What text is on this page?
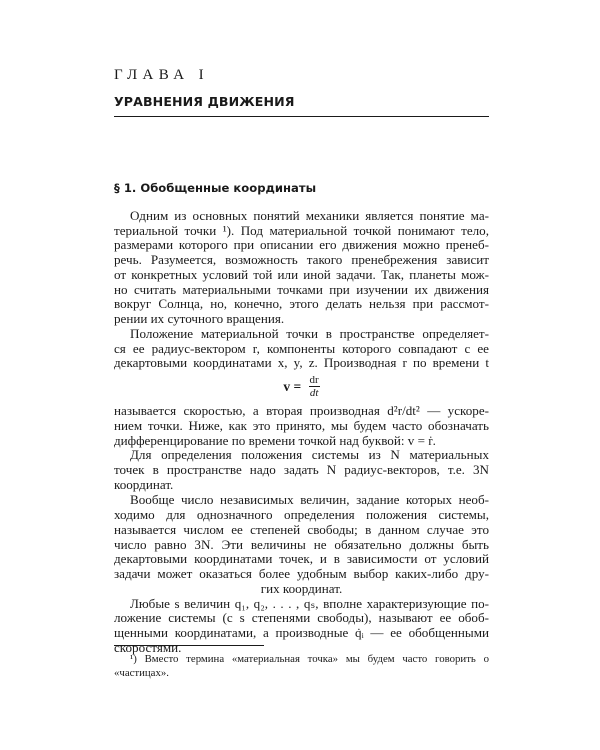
ГЛАВА I
УРАВНЕНИЯ ДВИЖЕНИЯ
§ 1. Обобщенные координаты
Одним из основных понятий механики является понятие ма-
териальной точки ¹). Под материальной точкой понимают тело,
размерами которого при описании его движения можно пренеб-
речь. Разумеется, возможность такого пренебрежения зависит
от конкретных условий той или иной задачи. Так, планеты мож-
но считать материальными точками при изучении их движения
вокруг Солнца, но, конечно, этого делать нельзя при рассмот-
рении их суточного вращения.
Положение материальной точки в пространстве определяет-
ся ее радиус-вектором r, компоненты которого совпадают с ее
декартовыми координатами x, y, z. Производная r по времени t
$v = \frac{dr}{dt}$
называется скоростью, а вторая производная d²r/dt² — ускоре-
нием точки. Ниже, как это принято, мы будем часто обозначать
дифференцирование по времени точкой над буквой: v = ṙ.
Для определения положения системы из N материальных
точек в пространстве надо задать N радиус-векторов, т.е. 3N
координат.
Вообще число независимых величин, задание которых необ-
ходимо для однозначного определения положения системы,
называется числом ее степеней свободы; в данном случае это
число равно 3N. Эти величины не обязательно должны быть
декартовыми координатами точек, и в зависимости от условий
задачи может оказаться более удобным выбор каких-либо дру-
гих координат.
Любые s величин q₁, q₂, . . . , qₛ, вполне характеризующие по-
ложение системы (с s степенями свободы), называют ее обоб-
щенными координатами, а производные q̇ᵢ — ее обобщенными
скоростями.
¹) Вместо термина «материальная точка» мы будем часто говорить о
«частицах».
